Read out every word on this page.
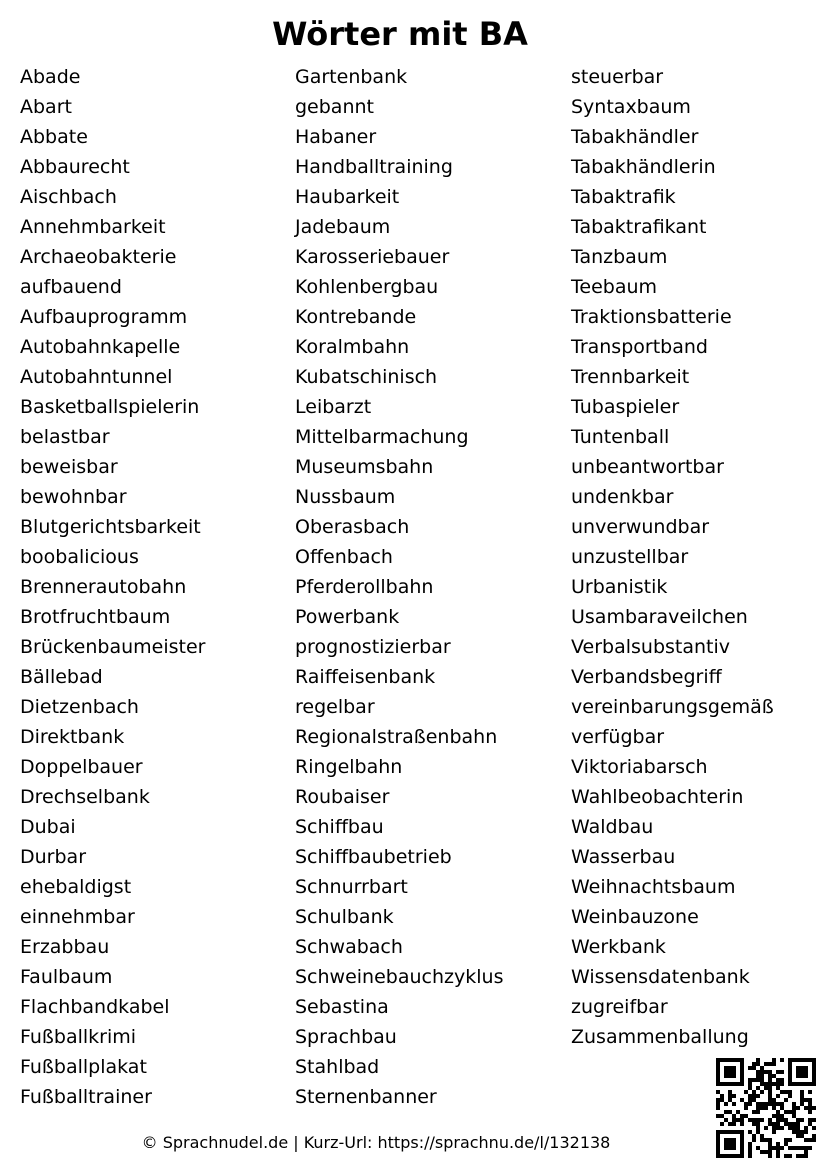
Wörter mit BA
Abade
Abart
Abbate
Abbaurecht
Aischbach
Annehmbarkeit
Archaeobakterie
aufbauend
Aufbauprogramm
Autobahnkapelle
Autobahntunnel
Basketballspielerin
belastbar
beweisbar
bewohnbar
Blutgerichtsbarkeit
boobalicious
Brennerautobahn
Brotfruchtbaum
Brückenbaumeister
Bällebad
Dietzenbach
Direktbank
Doppelbauer
Drechselbank
Dubai
Durbar
ehebaldigst
einnehmbar
Erzabbau
Faulbaum
Flachbandkabel
Fußballkrimi
Fußballplakat
Fußballtrainer
Gartenbank
gebannt
Habaner
Handballtraining
Haubarkeit
Jadebaum
Karosseriebauer
Kohlenbergbau
Kontrebande
Koralmbahn
Kubatschinisch
Leibarzt
Mittelbarmachung
Museumsbahn
Nussbaum
Oberasbach
Offenbach
Pferderollbahn
Powerbank
prognostizierbar
Raiffeisenbank
regelbar
Regionalstraßenbahn
Ringelbahn
Roubaiser
Schiffbau
Schiffbaubetrieb
Schnurrbart
Schulbank
Schwabach
Schweinebauchzyklus
Sebastina
Sprachbau
Stahlbad
Sternenbanner
steuerbar
Syntaxbaum
Tabakhändler
Tabakhändlerin
Tabaktrafik
Tabaktrafikant
Tanzbaum
Teebaum
Traktionsbatterie
Transportband
Trennbarkeit
Tubaspieler
Tuntenball
unbeantwortbar
undenkbar
unverwundbar
unzustellbar
Urbanistik
Usambaraveilchen
Verbalsubstantiv
Verbandsbegriff
vereinbarungsgemäß
verfügbar
Viktoriabarsch
Wahlbeobachterin
Waldbau
Wasserbau
Weihnachtsbaum
Weinbauzone
Werkbank
Wissensdatenbank
zugreifbar
Zusammenballung
© Sprachnudel.de | Kurz-Url: https://sprachnu.de/l/132138
